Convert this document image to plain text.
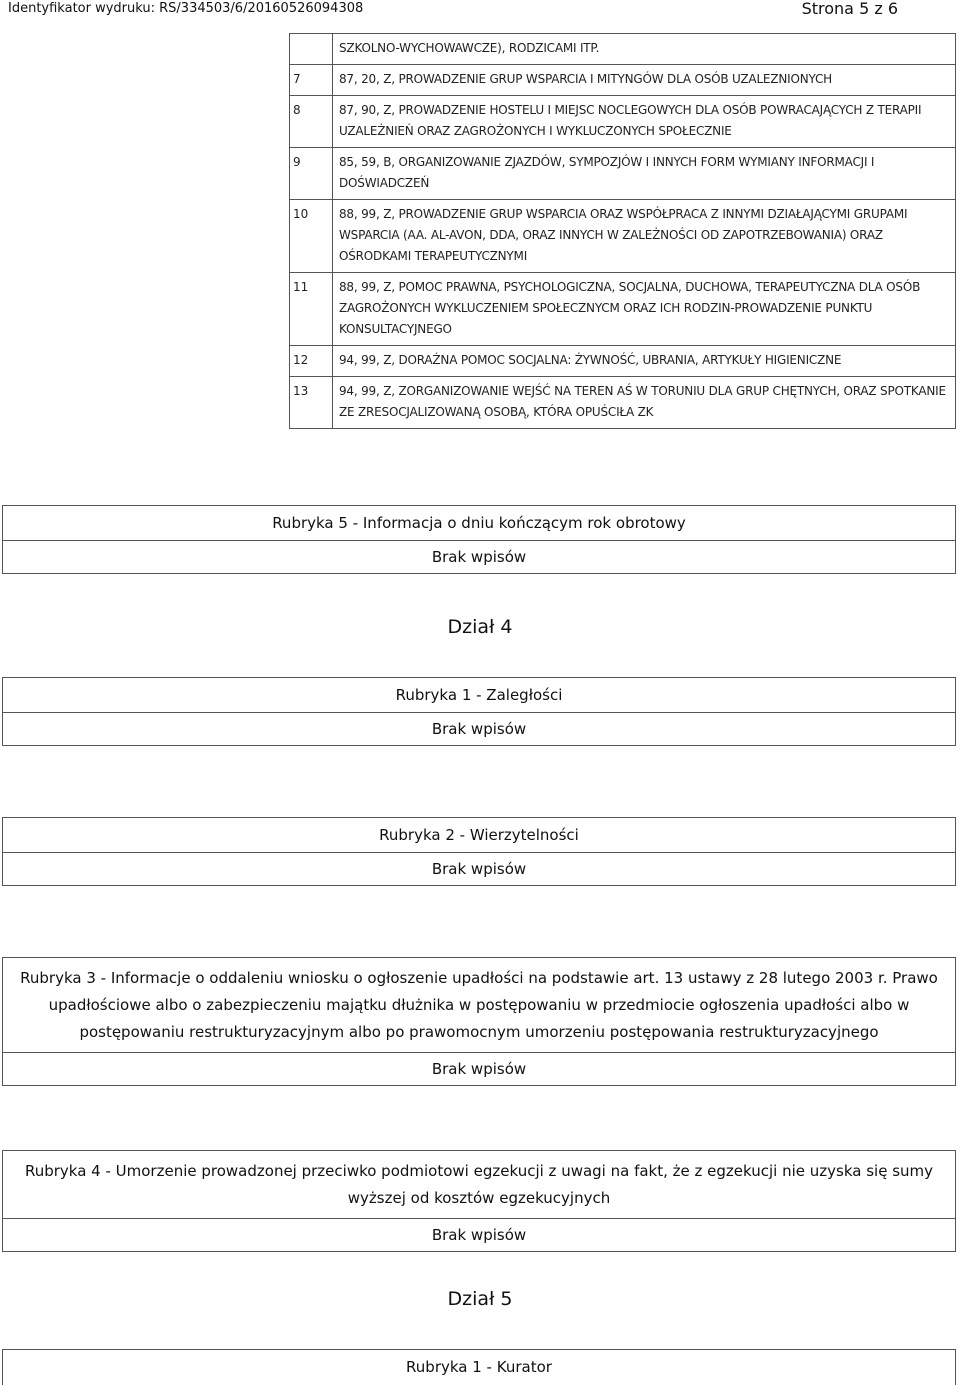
Identyfikator wydruku: RS/334503/6/20160526094308	Strona 5 z 6
	SZKOLNO-WYCHOWAWCZE), RODZICAMI ITP.
7	87, 20, Z, PROWADZENIE GRUP WSPARCIA I MITYNGÓW DLA OSÓB UZALEZNIONYCH
8	87, 90, Z, PROWADZENIE HOSTELU I MIEJSC NOCLEGOWYCH DLA OSÓB POWRACAJĄCYCH Z TERAPII UZALEŻNIEŃ ORAZ ZAGROŻONYCH I WYKLUCZONYCH SPOŁECZNIE
9	85, 59, B, ORGANIZOWANIE ZJAZDÓW, SYMPOZJÓW I INNYCH FORM WYMIANY INFORMACJI I DOŚWIADCZEŃ
10	88, 99, Z, PROWADZENIE GRUP WSPARCIA ORAZ WSPÓŁPRACA Z INNYMI DZIAŁAJĄCYMI GRUPAMI WSPARCIA (AA. AL-AVON, DDA, ORAZ INNYCH W ZALEŻNOŚCI OD ZAPOTRZEBOWANIA) ORAZ OŚRODKAMI TERAPEUTYCZNYMI
11	88, 99, Z, POMOC PRAWNA, PSYCHOLOGICZNA, SOCJALNA, DUCHOWA, TERAPEUTYCZNA DLA OSÓB ZAGROŻONYCH WYKLUCZENIEM SPOŁECZNYCM ORAZ ICH RODZIN-PROWADZENIE PUNKTU KONSULTACYJNEGO
12	94, 99, Z, DORAŹNA POMOC SOCJALNA: ŻYWNOŚĆ, UBRANIA, ARTYKUŁY HIGIENICZNE
13	94, 99, Z, ZORGANIZOWANIE WEJŚĆ NA TEREN AŚ W TORUNIU DLA GRUP CHĘTNYCH, ORAZ SPOTKANIE ZE ZRESOCJALIZOWANĄ OSOBĄ, KTÓRA OPUŚCIŁA ZK
Rubryka 5 - Informacja o dniu kończącym rok obrotowy
Brak wpisów
Dział 4
Rubryka 1 - Zaległości
Brak wpisów
Rubryka 2 - Wierzytelności
Brak wpisów
Rubryka 3 - Informacje o oddaleniu wniosku o ogłoszenie upadłości na podstawie art. 13 ustawy z 28 lutego 2003 r. Prawo upadłościowe albo o zabezpieczeniu majątku dłużnika w postępowaniu w przedmiocie ogłoszenia upadłości albo w postępowaniu restrukturyzacyjnym albo po prawomocnym umorzeniu postępowania restrukturyzacyjnego
Brak wpisów
Rubryka 4 - Umorzenie prowadzonej przeciwko podmiotowi egzekucji z uwagi na fakt, że z egzekucji nie uzyska się sumy wyższej od kosztów egzekucyjnych
Brak wpisów
Dział 5
Rubryka 1 - Kurator
